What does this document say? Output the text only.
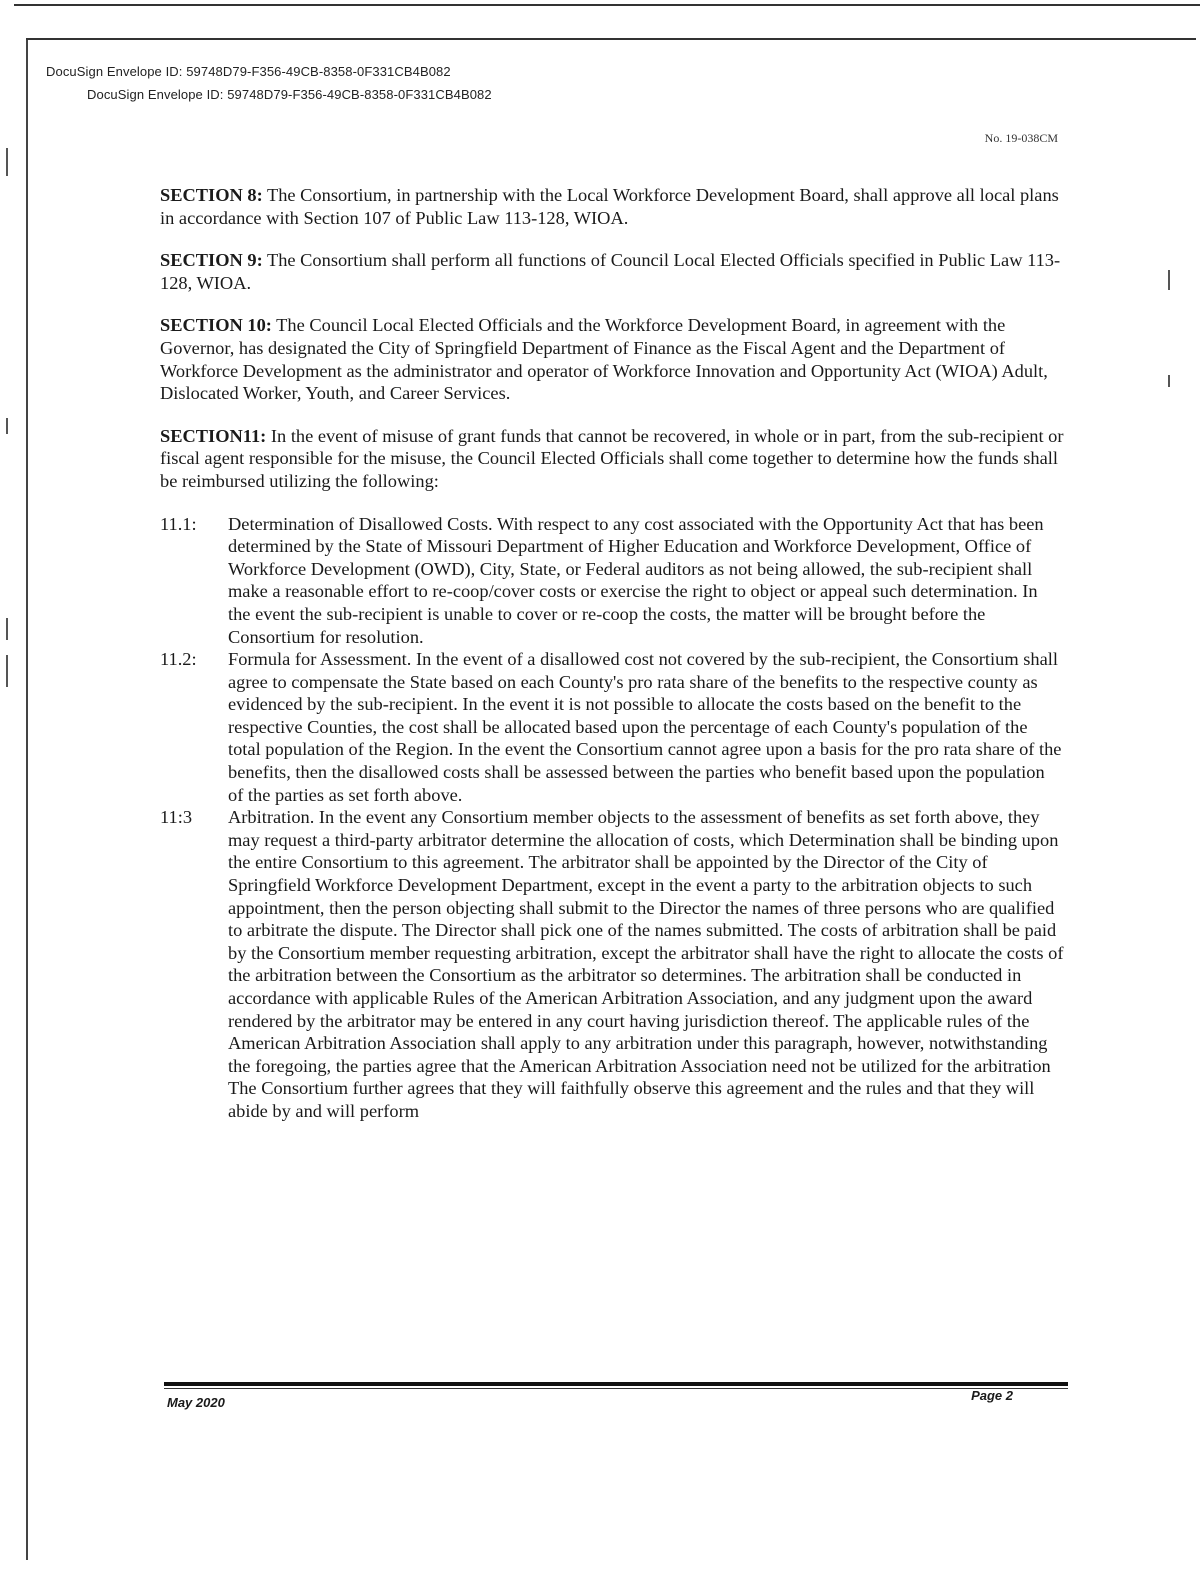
DocuSign Envelope ID: 59748D79-F356-49CB-8358-0F331CB4B082
DocuSign Envelope ID: 59748D79-F356-49CB-8358-0F331CB4B082
No. 19-038CM

SECTION 8: The Consortium, in partnership with the Local Workforce Development Board, shall approve all local plans in accordance with Section 107 of Public Law 113-128, WIOA.

SECTION 9: The Consortium shall perform all functions of Council Local Elected Officials specified in Public Law 113-128, WIOA.

SECTION 10: The Council Local Elected Officials and the Workforce Development Board, in agreement with the Governor, has designated the City of Springfield Department of Finance as the Fiscal Agent and the Department of Workforce Development as the administrator and operator of Workforce Innovation and Opportunity Act (WIOA) Adult, Dislocated Worker, Youth, and Career Services.

SECTION11: In the event of misuse of grant funds that cannot be recovered, in whole or in part, from the sub-recipient or fiscal agent responsible for the misuse, the Council Elected Officials shall come together to determine how the funds shall be reimbursed utilizing the following:

11.1:	Determination of Disallowed Costs. With respect to any cost associated with the Opportunity Act that has been determined by the State of Missouri Department of Higher Education and Workforce Development, Office of Workforce Development (OWD), City, State, or Federal auditors as not being allowed, the sub-recipient shall make a reasonable effort to re-coop/cover costs or exercise the right to object or appeal such determination. In the event the sub-recipient is unable to cover or re-coop the costs, the matter will be brought before the Consortium for resolution.
11.2:	Formula for Assessment. In the event of a disallowed cost not covered by the sub-recipient, the Consortium shall agree to compensate the State based on each County's pro rata share of the benefits to the respective county as evidenced by the sub-recipient. In the event it is not possible to allocate the costs based on the benefit to the respective Counties, the cost shall be allocated based upon the percentage of each County's population of the total population of the Region. In the event the Consortium cannot agree upon a basis for the pro rata share of the benefits, then the disallowed costs shall be assessed between the parties who benefit based upon the population of the parties as set forth above.
11:3	Arbitration. In the event any Consortium member objects to the assessment of benefits as set forth above, they may request a third-party arbitrator determine the allocation of costs, which Determination shall be binding upon the entire Consortium to this agreement. The arbitrator shall be appointed by the Director of the City of Springfield Workforce Development Department, except in the event a party to the arbitration objects to such appointment, then the person objecting shall submit to the Director the names of three persons who are qualified to arbitrate the dispute. The Director shall pick one of the names submitted. The costs of arbitration shall be paid by the Consortium member requesting arbitration, except the arbitrator shall have the right to allocate the costs of the arbitration between the Consortium as the arbitrator so determines. The arbitration shall be conducted in accordance with applicable Rules of the American Arbitration Association, and any judgment upon the award rendered by the arbitrator may be entered in any court having jurisdiction thereof. The applicable rules of the American Arbitration Association shall apply to any arbitration under this paragraph, however, notwithstanding the foregoing, the parties agree that the American Arbitration Association need not be utilized for the arbitration The Consortium further agrees that they will faithfully observe this agreement and the rules and that they will abide by and will perform
May 2020	Page 2
